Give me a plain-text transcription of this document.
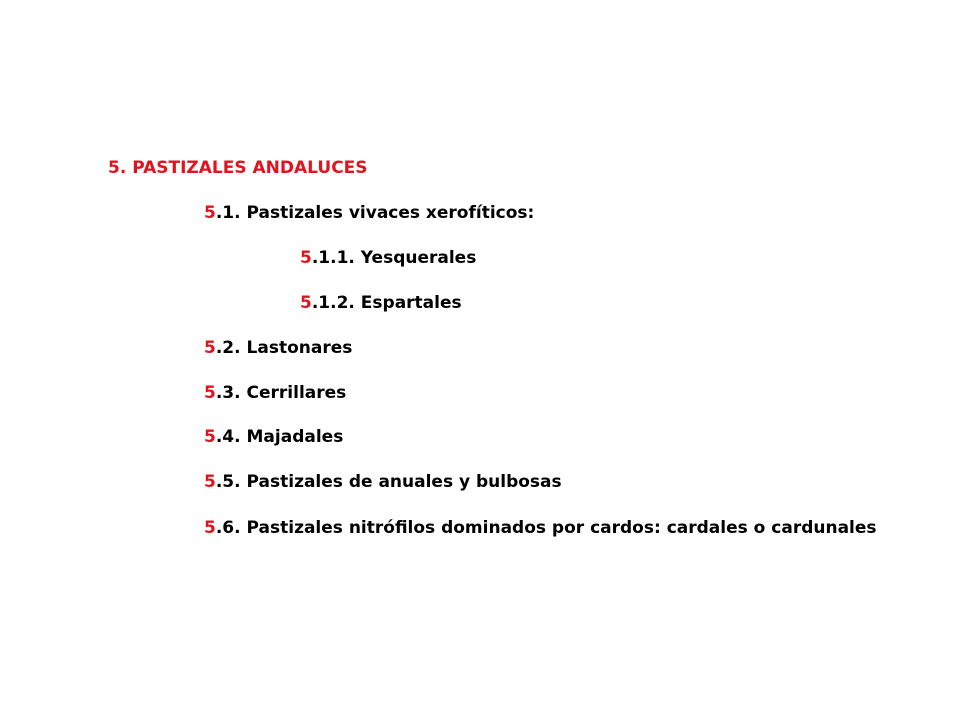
5. PASTIZALES ANDALUCES
5.1. Pastizales vivaces xerofíticos:
5.1.1. Yesquerales
5.1.2. Espartales
5.2. Lastonares
5.3. Cerrillares
5.4. Majadales
5.5. Pastizales de anuales y bulbosas
5.6. Pastizales nitrófilos dominados por cardos: cardales o cardunales
